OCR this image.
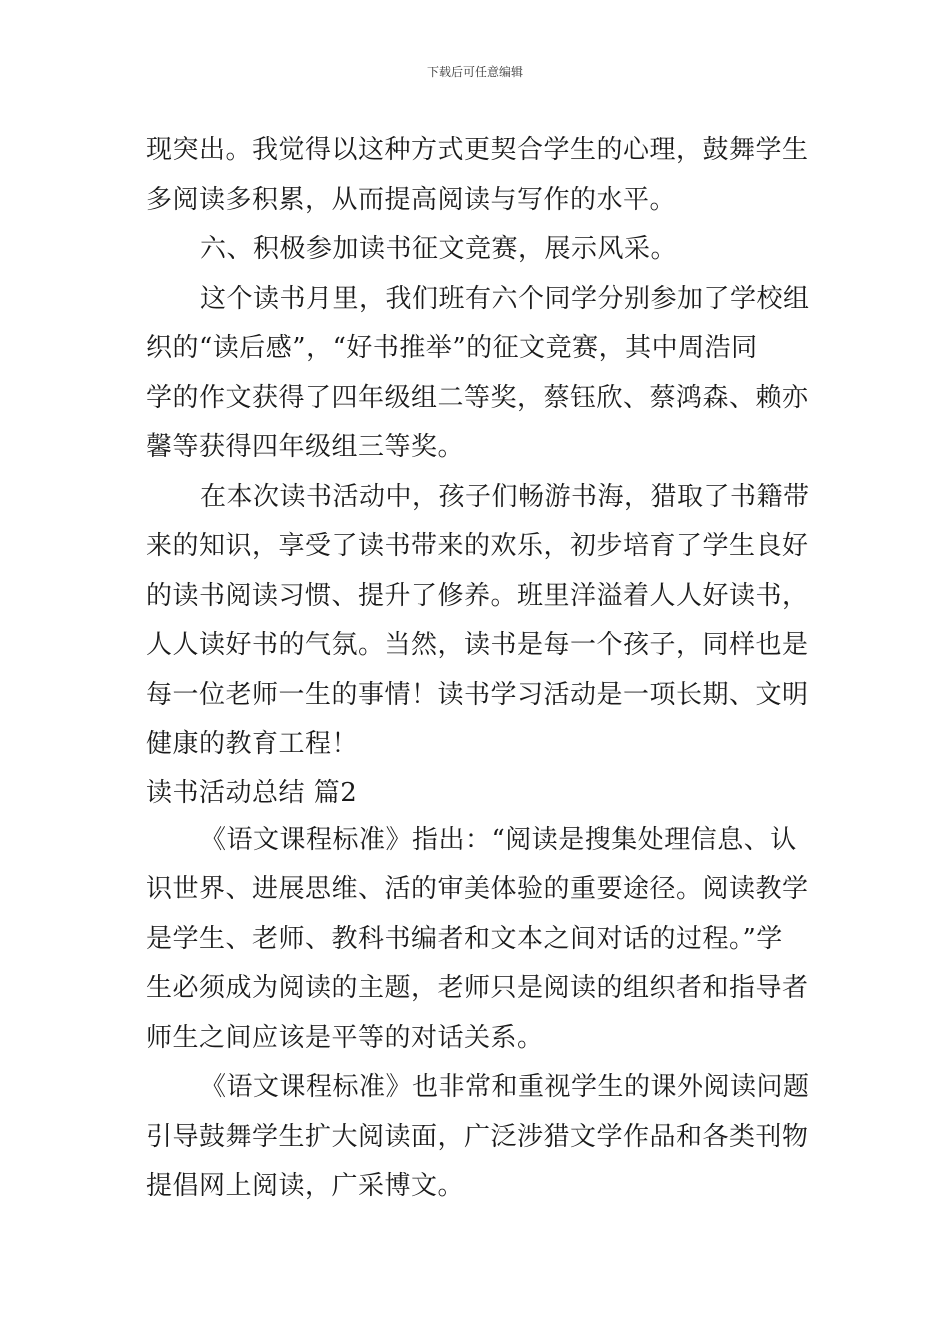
下载后可任意编辑
现突出。我觉得以这种方式更契合学生的心理，鼓舞学生
多阅读多积累，从而提高阅读与写作的水平。
六、积极参加读书征文竞赛，展示风采。
这个读书月里，我们班有六个同学分别参加了学校组
织的“读后感”，“好书推举”的征文竞赛，其中周浩同
学的作文获得了四年级组二等奖，蔡钰欣、蔡鸿森、赖亦
馨等获得四年级组三等奖。
在本次读书活动中，孩子们畅游书海，猎取了书籍带
来的知识，享受了读书带来的欢乐，初步培育了学生良好
的读书阅读习惯、提升了修养。班里洋溢着人人好读书，
人人读好书的气氛。当然，读书是每一个孩子，同样也是
每一位老师一生的事情！读书学习活动是一项长期、文明
健康的教育工程！
读书活动总结 篇2
《语文课程标准》指出：“阅读是搜集处理信息、认
识世界、进展思维、活的审美体验的重要途径。阅读教学
是学生、老师、教科书编者和文本之间对话的过程。”学
生必须成为阅读的主题，老师只是阅读的组织者和指导者
师生之间应该是平等的对话关系。
《语文课程标准》也非常和重视学生的课外阅读问题
引导鼓舞学生扩大阅读面，广泛涉猎文学作品和各类刊物
提倡网上阅读，广采博文。
